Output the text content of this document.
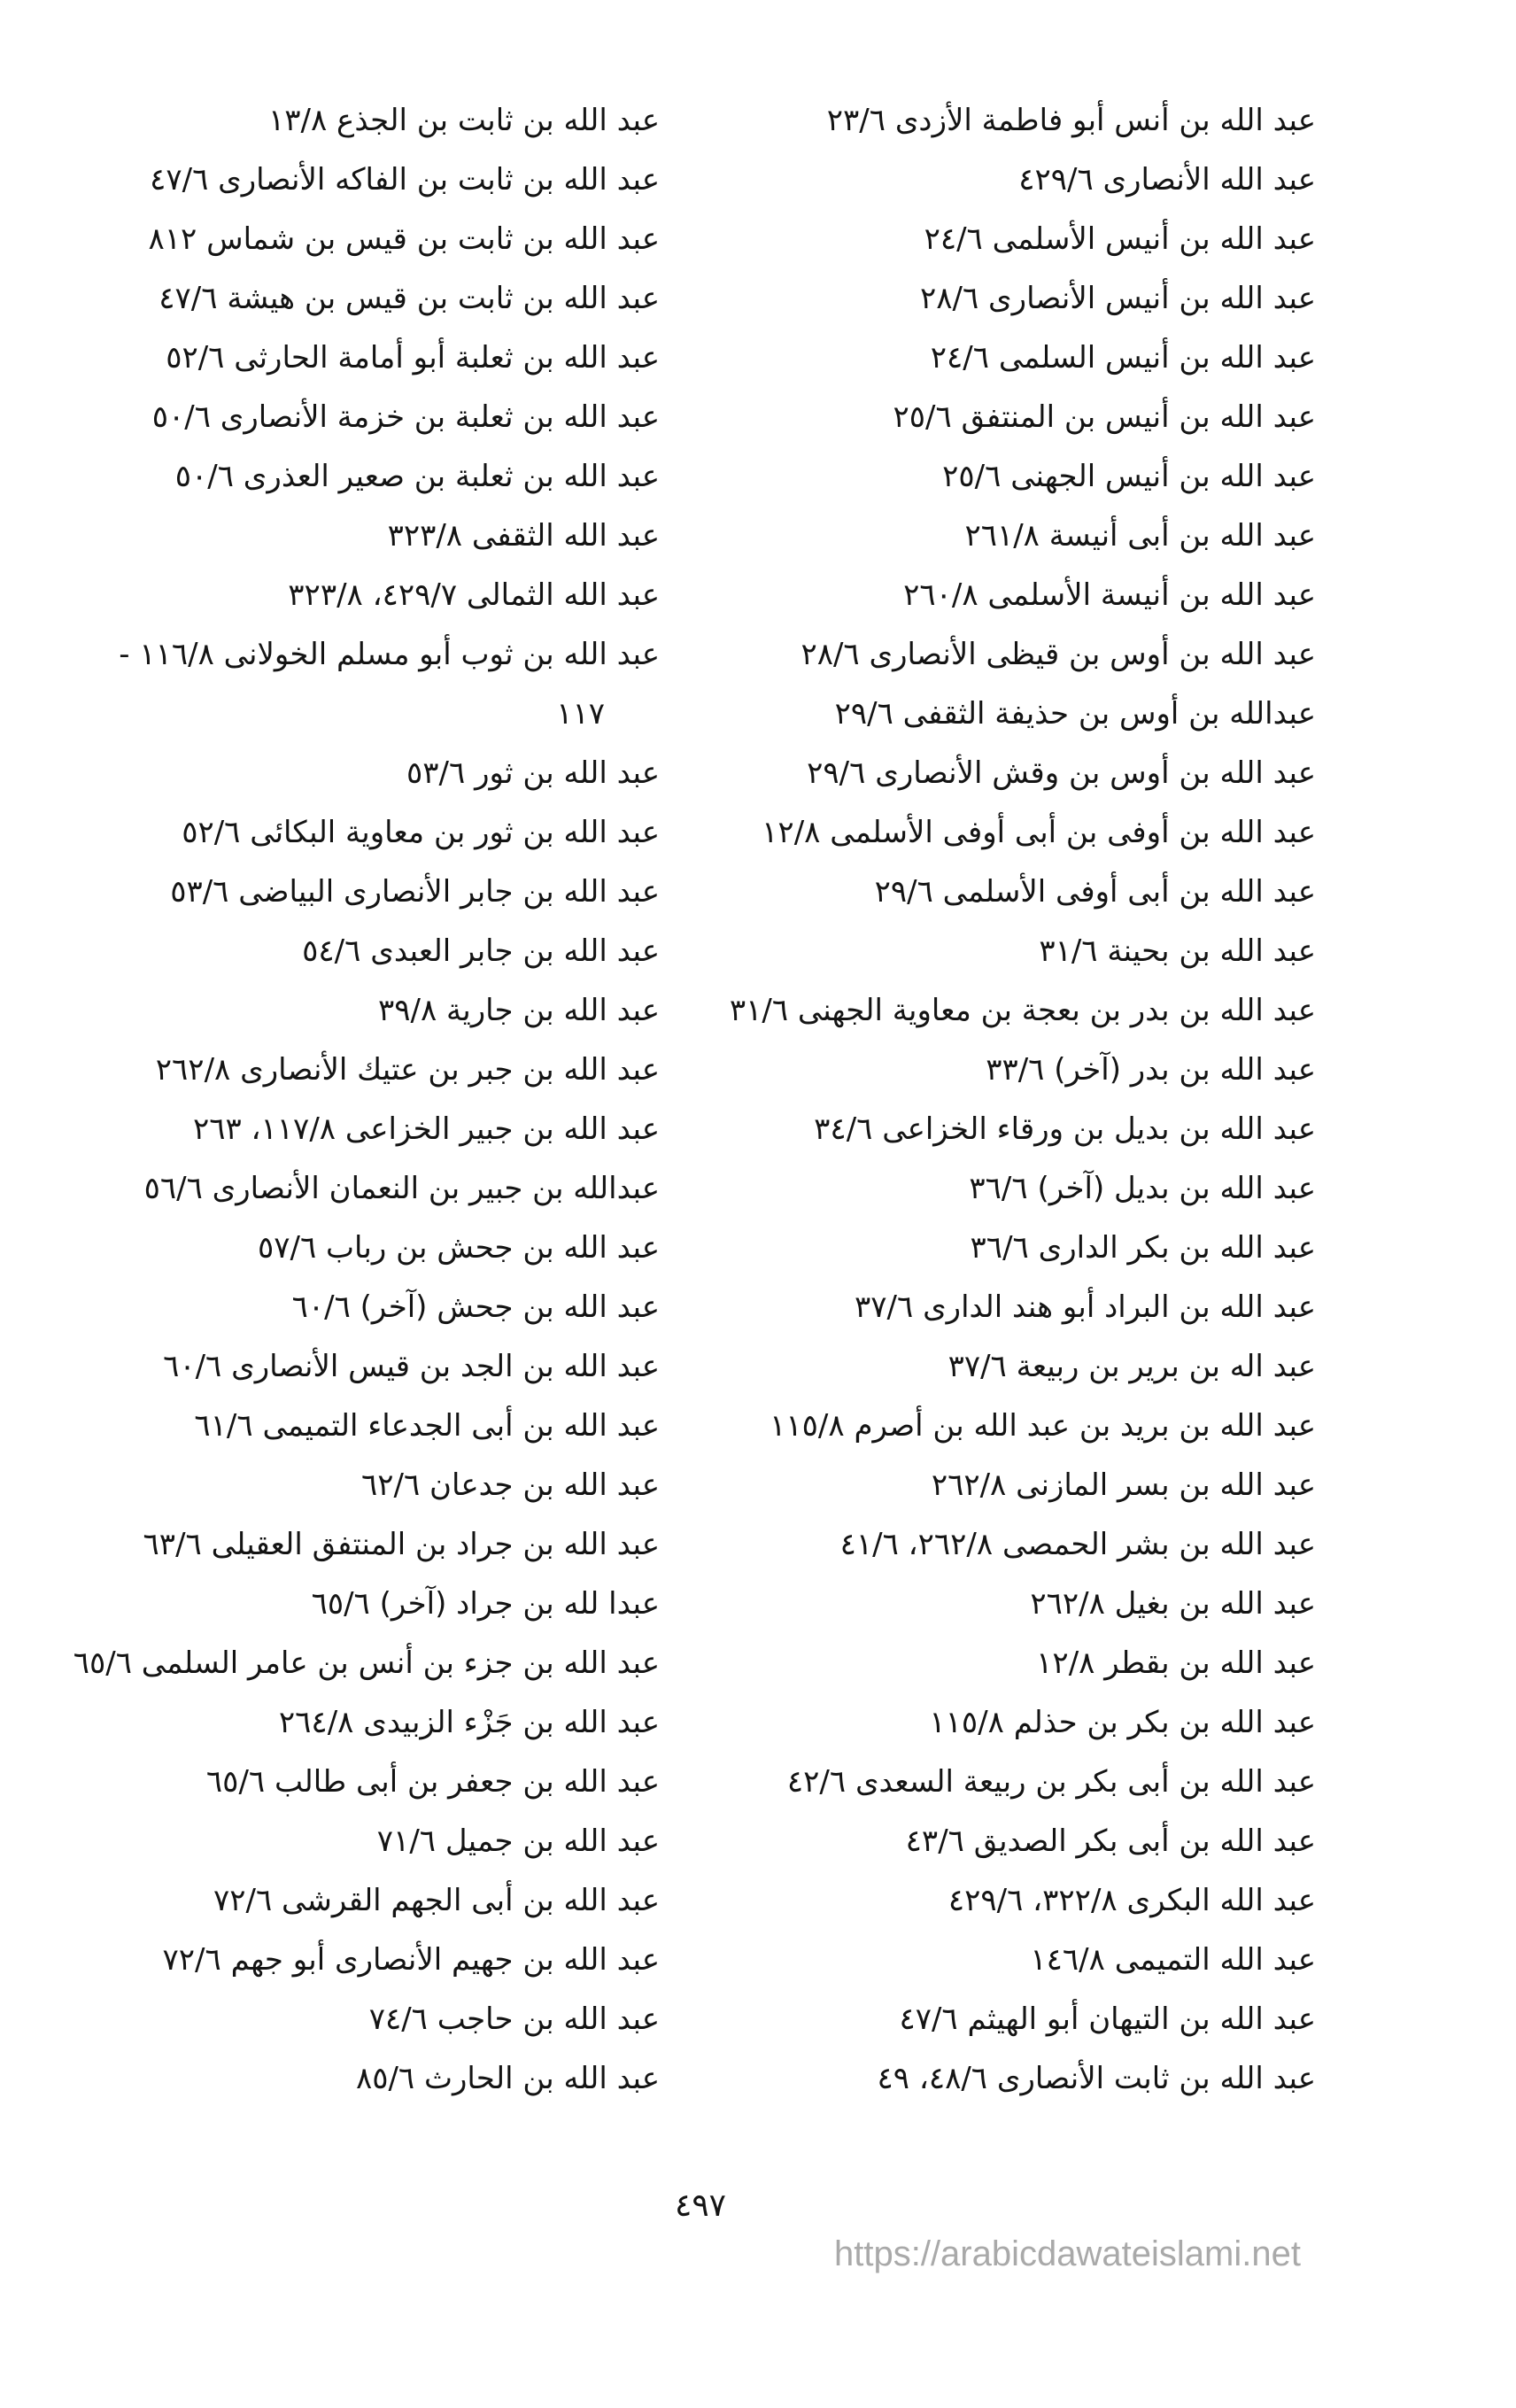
عبد الله بن أنس أبو فاطمة الأزدى ٢٣/٦
عبد الله الأنصارى ٤٢٩/٦
عبد الله بن أنيس الأسلمى ٢٤/٦
عبد الله بن أنيس الأنصارى ٢٨/٦
عبد الله بن أنيس السلمى ٢٤/٦
عبد الله بن أنيس بن المنتفق ٢٥/٦
عبد الله بن أنيس الجهنى ٢٥/٦
عبد الله بن أبى أنيسة ٢٦١/٨
عبد الله بن أنيسة الأسلمى ٢٦٠/٨
عبد الله بن أوس بن قيظى الأنصارى ٢٨/٦
عبدالله بن أوس بن حذيفة الثقفى ٢٩/٦
عبد الله بن أوس بن وقش الأنصارى ٢٩/٦
عبد الله بن أوفى بن أبى أوفى الأسلمى ١٢/٨
عبد الله بن أبى أوفى الأسلمى ٢٩/٦
عبد الله بن بحينة ٣١/٦
عبد الله بن بدر بن بعجة بن معاوية الجهنى ٣١/٦
عبد الله بن بدر (آخر) ٣٣/٦
عبد الله بن بديل بن ورقاء الخزاعى ٣٤/٦
عبد الله بن بديل (آخر) ٣٦/٦
عبد الله بن بكر الدارى ٣٦/٦
عبد الله بن البراد أبو هند الدارى ٣٧/٦
عبد اله بن برير بن ربيعة ٣٧/٦
عبد الله بن بريد بن عبد الله بن أصرم ١١٥/٨
عبد الله بن بسر المازنى ٢٦٢/٨
عبد الله بن بشر الحمصى ٢٦٢/٨، ٤١/٦
عبد الله بن بغيل ٢٦٢/٨
عبد الله بن بقطر ١٢/٨
عبد الله بن بكر بن حذلم ١١٥/٨
عبد الله بن أبى بكر بن ربيعة السعدى ٤٢/٦
عبد الله بن أبى بكر الصديق ٤٣/٦
عبد الله البكرى ٣٢٢/٨، ٤٢٩/٦
عبد الله التميمى ١٤٦/٨
عبد الله بن التيهان أبو الهيثم ٤٧/٦
عبد الله بن ثابت الأنصارى ٤٨/٦، ٤٩
عبد الله بن ثابت بن الجذع ١٣/٨
عبد الله بن ثابت بن الفاكه الأنصارى ٤٧/٦
عبد الله بن ثابت بن قيس بن شماس ٨١٢
عبد الله بن ثابت بن قيس بن هيشة ٤٧/٦
عبد الله بن ثعلبة أبو أمامة الحارثى ٥٢/٦
عبد الله بن ثعلبة بن خزمة الأنصارى ٥٠/٦
عبد الله بن ثعلبة بن صعير العذرى ٥٠/٦
عبد الله الثقفى ٣٢٣/٨
عبد الله الثمالى ٤٢٩/٧، ٣٢٣/٨
عبد الله بن ثوب أبو مسلم الخولانى ١١٦/٨ -
١١٧
عبد الله بن ثور ٥٣/٦
عبد الله بن ثور بن معاوية البكائى ٥٢/٦
عبد الله بن جابر الأنصارى البياضى ٥٣/٦
عبد الله بن جابر العبدى ٥٤/٦
عبد الله بن جارية ٣٩/٨
عبد الله بن جبر بن عتيك الأنصارى ٢٦٢/٨
عبد الله بن جبير الخزاعى ١١٧/٨، ٢٦٣
عبدالله بن جبير بن النعمان الأنصارى ٥٦/٦
عبد الله بن جحش بن رباب ٥٧/٦
عبد الله بن جحش (آخر) ٦٠/٦
عبد الله بن الجد بن قيس الأنصارى ٦٠/٦
عبد الله بن أبى الجدعاء التميمى ٦١/٦
عبد الله بن جدعان ٦٢/٦
عبد الله بن جراد بن المنتفق العقيلى ٦٣/٦
عبدا لله بن جراد (آخر) ٦٥/٦
عبد الله بن جزء بن أنس بن عامر السلمى ٦٥/٦
عبد الله بن جَزْء الزبيدى ٢٦٤/٨
عبد الله بن جعفر بن أبى طالب ٦٥/٦
عبد الله بن جميل ٧١/٦
عبد الله بن أبى الجهم القرشى ٧٢/٦
عبد الله بن جهيم الأنصارى أبو جهم ٧٢/٦
عبد الله بن حاجب ٧٤/٦
عبد الله بن الحارث ٨٥/٦
٤٩٧
https://arabicdawateislami.net
